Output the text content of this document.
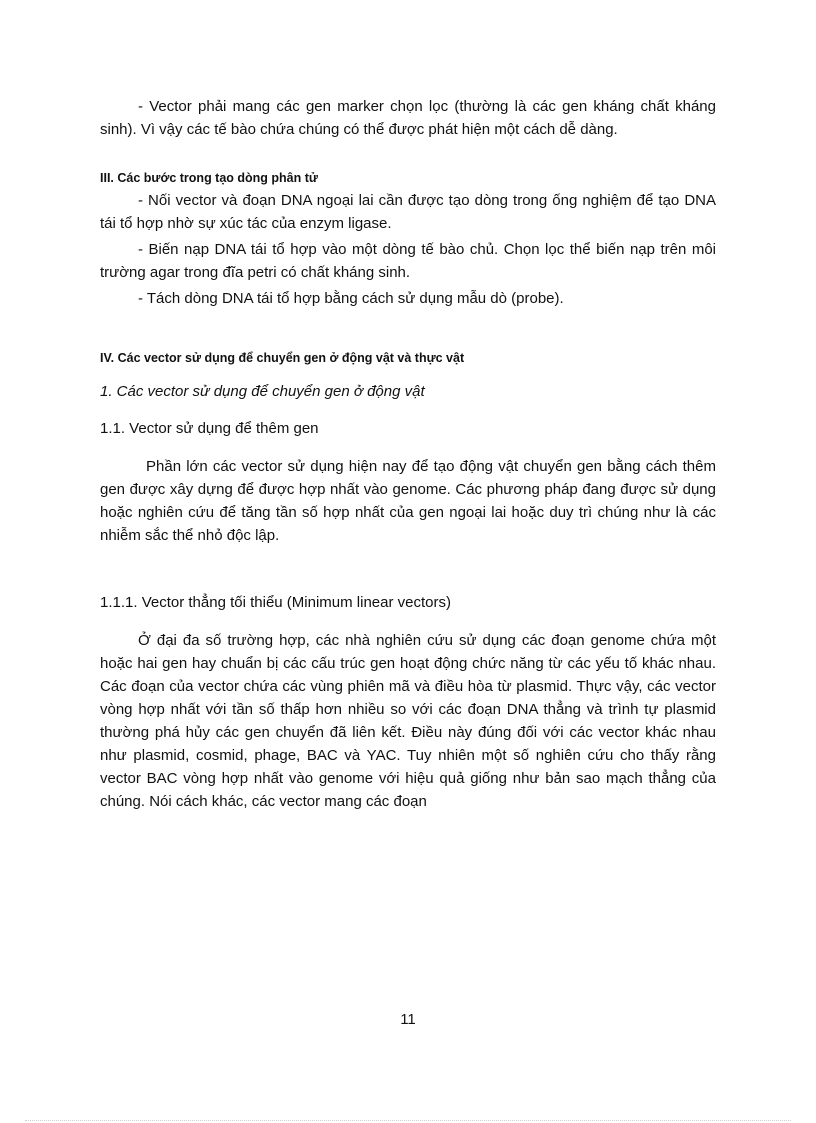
- Vector phải mang các gen marker chọn lọc (thường là các gen kháng chất kháng sinh). Vì vậy các tế bào chứa chúng có thể được phát hiện một cách dễ dàng.

III. Các bước trong tạo dòng phân tử

- Nối vector và đoạn DNA ngoại lai cần được tạo dòng trong ống nghiệm để tạo DNA tái tổ hợp nhờ sự xúc tác của enzym ligase.

- Biến nạp DNA tái tổ hợp vào một dòng tế bào chủ. Chọn lọc thể biến nạp trên môi trường agar trong đĩa petri có chất kháng sinh.

- Tách dòng DNA tái tổ hợp bằng cách sử dụng mẫu dò (probe).

IV. Các vector sử dụng để chuyển gen ở động vật và thực vật

1. Các vector sử dụng để chuyển gen ở động vật

1.1. Vector sử dụng để thêm gen

Phần lớn các vector sử dụng hiện nay để tạo động vật chuyển gen bằng cách thêm gen được xây dựng để được hợp nhất vào genome. Các phương pháp đang được sử dụng hoặc nghiên cứu để tăng tần số hợp nhất của gen ngoại lai hoặc duy trì chúng như là các nhiễm sắc thể nhỏ độc lập.

1.1.1. Vector thẳng tối thiểu (Minimum linear vectors)

Ở đại đa số trường hợp, các nhà nghiên cứu sử dụng các đoạn genome chứa một hoặc hai gen hay chuẩn bị các cấu trúc gen hoạt động chức năng từ các yếu tố khác nhau. Các đoạn của vector chứa các vùng phiên mã và điều hòa từ plasmid. Thực vậy, các vector vòng hợp nhất với tần số thấp hơn nhiều so với các đoạn DNA thẳng và trình tự plasmid thường phá hủy các gen chuyển đã liên kết. Điều này đúng đối với các vector khác nhau như plasmid, cosmid, phage, BAC và YAC. Tuy nhiên một số nghiên cứu cho thấy rằng vector BAC vòng hợp nhất vào genome với hiệu quả giống như bản sao mạch thẳng của chúng. Nói cách khác, các vector mang các đoạn

11
